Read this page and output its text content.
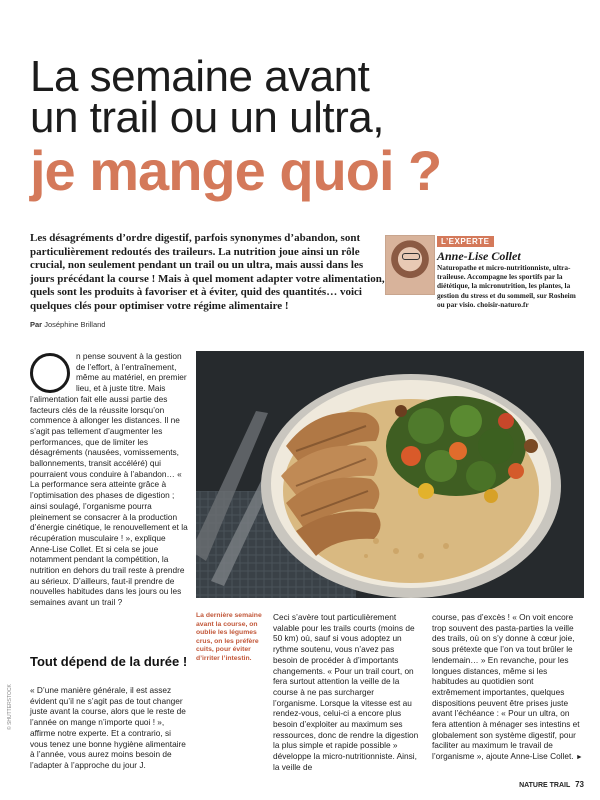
La semaine avant
un trail ou un ultra,
je mange quoi ?

Les désagréments d’ordre digestif, parfois synonymes d’abandon, sont particulièrement redoutés des traileurs. La nutrition joue ainsi un rôle crucial, non seulement pendant un trail ou un ultra, mais aussi dans les jours précédant la course ! Mais à quel moment adapter votre alimentation, quels sont les produits à favoriser et à éviter, quid des quantités… voici quelques clés pour optimiser votre régime alimentaire !

Par Joséphine Brilland
L’EXPERTE
Anne-Lise Collet
Naturopathe et micro-nutritionniste, ultra-traileuse. Accompagne les sportifs par la diététique, la micronutrition, les plantes, la gestion du stress et du sommeil, sur Rosheim ou par visio. choisir-naturo.fr

n pense souvent à la gestion de l’effort, à l’entraînement, même au matériel, en premier lieu, et à juste titre. Mais l’alimentation fait elle aussi partie des facteurs clés de la réussite lorsqu’on commence à allonger les distances. Il ne s’agit pas tellement d’augmenter les performances, que de limiter les désagréments (nausées, vomissements, ballonnements, transit accéléré) qui pourraient vous conduire à l’abandon… « La performance sera atteinte grâce à l’optimisation des phases de digestion ; ainsi soulagé, l’organisme pourra pleinement se consacrer à la production d’énergie cinétique, le renouvellement et la récupération musculaire ! », explique Anne-Lise Collet. Et si cela se joue notamment pendant la compétition, la nutrition en dehors du trail reste à prendre au sérieux. D’ailleurs, faut-il prendre de nouvelles habitudes dans les jours ou les semaines avant un trail ?

Tout dépend de la durée !

« D’une manière générale, il est assez évident qu’il ne s’agit pas de tout changer juste avant la course, alors que le reste de l’année on mange n’importe quoi ! », affirme notre experte. Et a contrario, si vous tenez une bonne hygiène alimentaire à l’année, vous aurez moins besoin de l’adapter à l’approche du jour J.

La dernière semaine avant la course, on oublie les légumes crus, on les préfère cuits, pour éviter d’irriter l’intestin.

Ceci s’avère tout particulièrement valable pour les trails courts (moins de 50 km) où, sauf si vous adoptez un rythme soutenu, vous n’avez pas besoin de procéder à d’importants changements. « Pour un trail court, on fera surtout attention la veille de la course à ne pas surcharger l’organisme. Lorsque la vitesse est au rendez-vous, celui-ci a encore plus besoin d’exploiter au maximum ses ressources, donc de rendre la digestion la plus simple et rapide possible » développe la micro-nutritionniste. Ainsi, la veille de

course, pas d’excès ! « On voit encore trop souvent des pasta-parties la veille des trails, où on s’y donne à cœur joie, sous prétexte que l’on va tout brûler le lendemain… » En revanche, pour les longues distances, même si les habitudes au quotidien sont extrêmement importantes, quelques dispositions peuvent être prises juste avant l’échéance : « Pour un ultra, on fera attention à ménager ses intestins et globalement son système digestif, pour faciliter au maximum le travail de l’organisme », ajoute Anne-Lise Collet. ►

© SHUTTERSTOCK
NATURE TRAIL 73
